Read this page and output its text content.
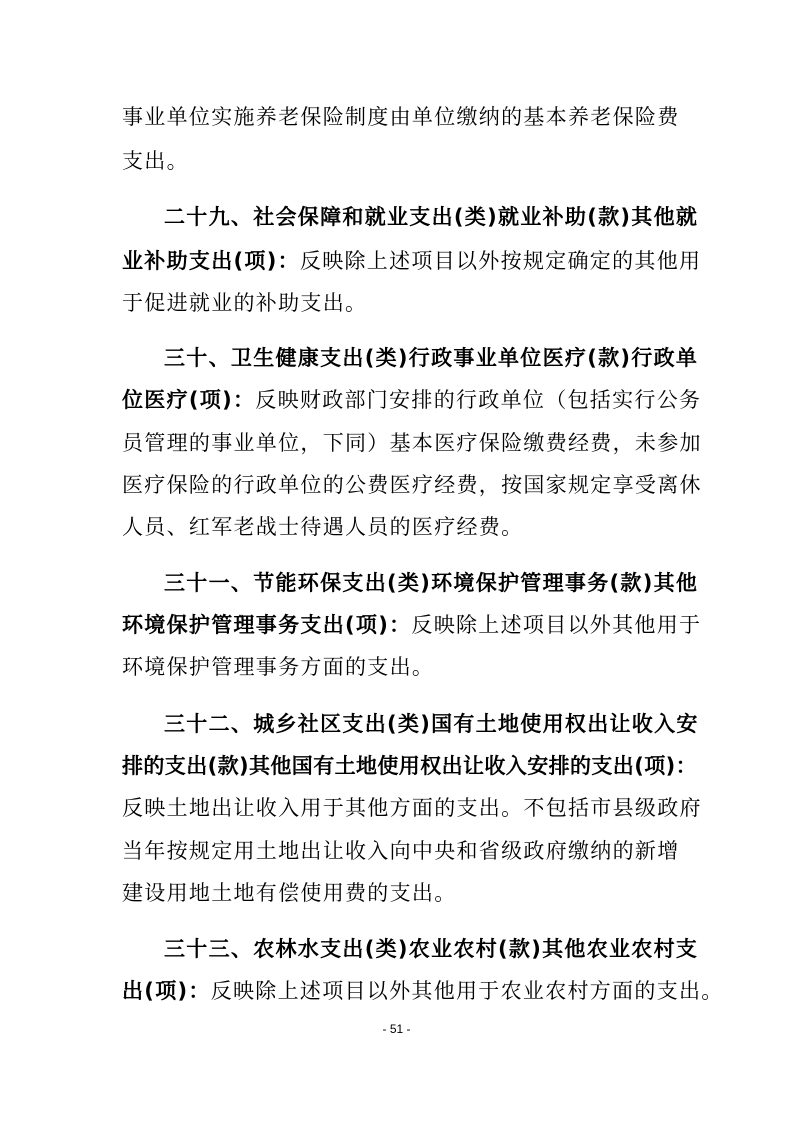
事业单位实施养老保险制度由单位缴纳的基本养老保险费
支出。
二十九、社会保障和就业支出(类)就业补助(款)其他就
业补助支出(项)：反映除上述项目以外按规定确定的其他用
于促进就业的补助支出。
三十、卫生健康支出(类)行政事业单位医疗(款)行政单
位医疗(项)：反映财政部门安排的行政单位（包括实行公务
员管理的事业单位，下同）基本医疗保险缴费经费，未参加
医疗保险的行政单位的公费医疗经费，按国家规定享受离休
人员、红军老战士待遇人员的医疗经费。
三十一、节能环保支出(类)环境保护管理事务(款)其他
环境保护管理事务支出(项)：反映除上述项目以外其他用于
环境保护管理事务方面的支出。
三十二、城乡社区支出(类)国有土地使用权出让收入安
排的支出(款)其他国有土地使用权出让收入安排的支出(项)：
反映土地出让收入用于其他方面的支出。不包括市县级政府
当年按规定用土地出让收入向中央和省级政府缴纳的新增
建设用地土地有偿使用费的支出。
三十三、农林水支出(类)农业农村(款)其他农业农村支
出(项)：反映除上述项目以外其他用于农业农村方面的支出。
- 51 -
